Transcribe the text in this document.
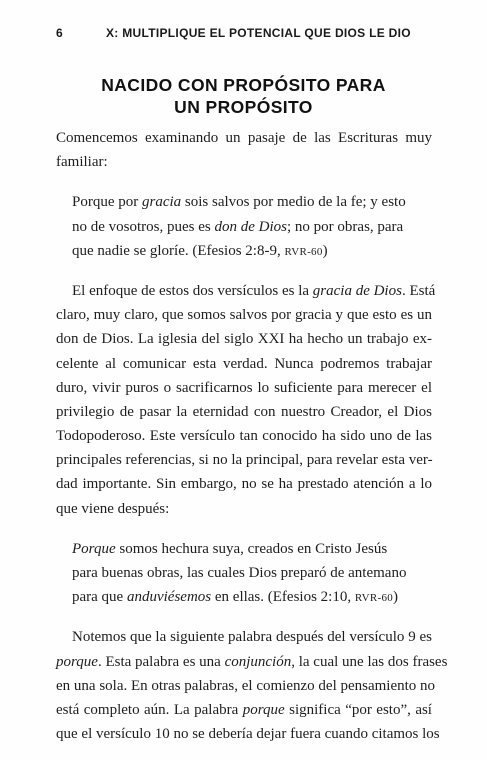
6	X: MULTIPLIQUE EL POTENCIAL QUE DIOS LE DIO
NACIDO CON PROPÓSITO PARA
UN PROPÓSITO
Comencemos examinando un pasaje de las Escrituras muy
familiar:
Porque por gracia sois salvos por medio de la fe; y esto
no de vosotros, pues es don de Dios; no por obras, para
que nadie se gloríe. (Efesios 2:8-9, RVR-60)
El enfoque de estos dos versículos es la gracia de Dios. Está
claro, muy claro, que somos salvos por gracia y que esto es un
don de Dios. La iglesia del siglo XXI ha hecho un trabajo ex-
celente al comunicar esta verdad. Nunca podremos trabajar
duro, vivir puros o sacrificarnos lo suficiente para merecer el
privilegio de pasar la eternidad con nuestro Creador, el Dios
Todopoderoso. Este versículo tan conocido ha sido uno de las
principales referencias, si no la principal, para revelar esta ver-
dad importante. Sin embargo, no se ha prestado atención a lo
que viene después:
Porque somos hechura suya, creados en Cristo Jesús
para buenas obras, las cuales Dios preparó de antemano
para que anduviésemos en ellas. (Efesios 2:10, RVR-60)
Notemos que la siguiente palabra después del versículo 9 es
porque. Esta palabra es una conjunción, la cual une las dos frases
en una sola. En otras palabras, el comienzo del pensamiento no
está completo aún. La palabra porque significa “por esto”, así
que el versículo 10 no se debería dejar fuera cuando citamos los
